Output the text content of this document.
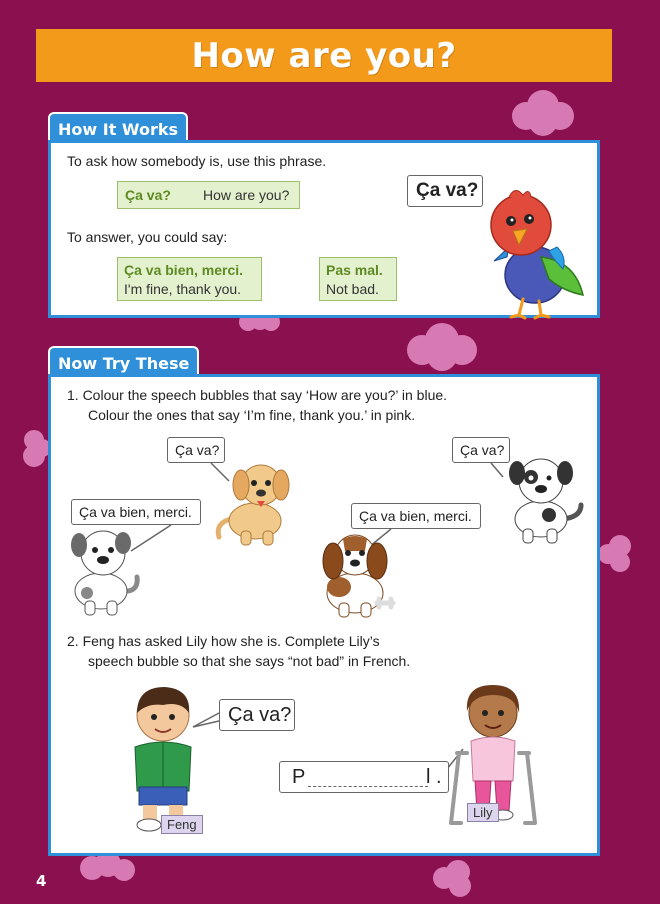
How are you?
How It Works
To ask how somebody is, use this phrase.
Ça va? How are you?
To answer, you could say:
Ça va bien, merci.
I'm fine, thank you.
Pas mal.
Not bad.
Ça va?
Now Try These
1. Colour the speech bubbles that say ‘How are you?’ in blue.
Colour the ones that say ‘I’m fine, thank you.’ in pink.
Ça va?	Ça va?
Ça va bien, merci.	Ça va bien, merci.
2. Feng has asked Lily how she is. Complete Lily’s
speech bubble so that she says “not bad” in French.
Ça va?
Feng
P	l .
Lily
4
